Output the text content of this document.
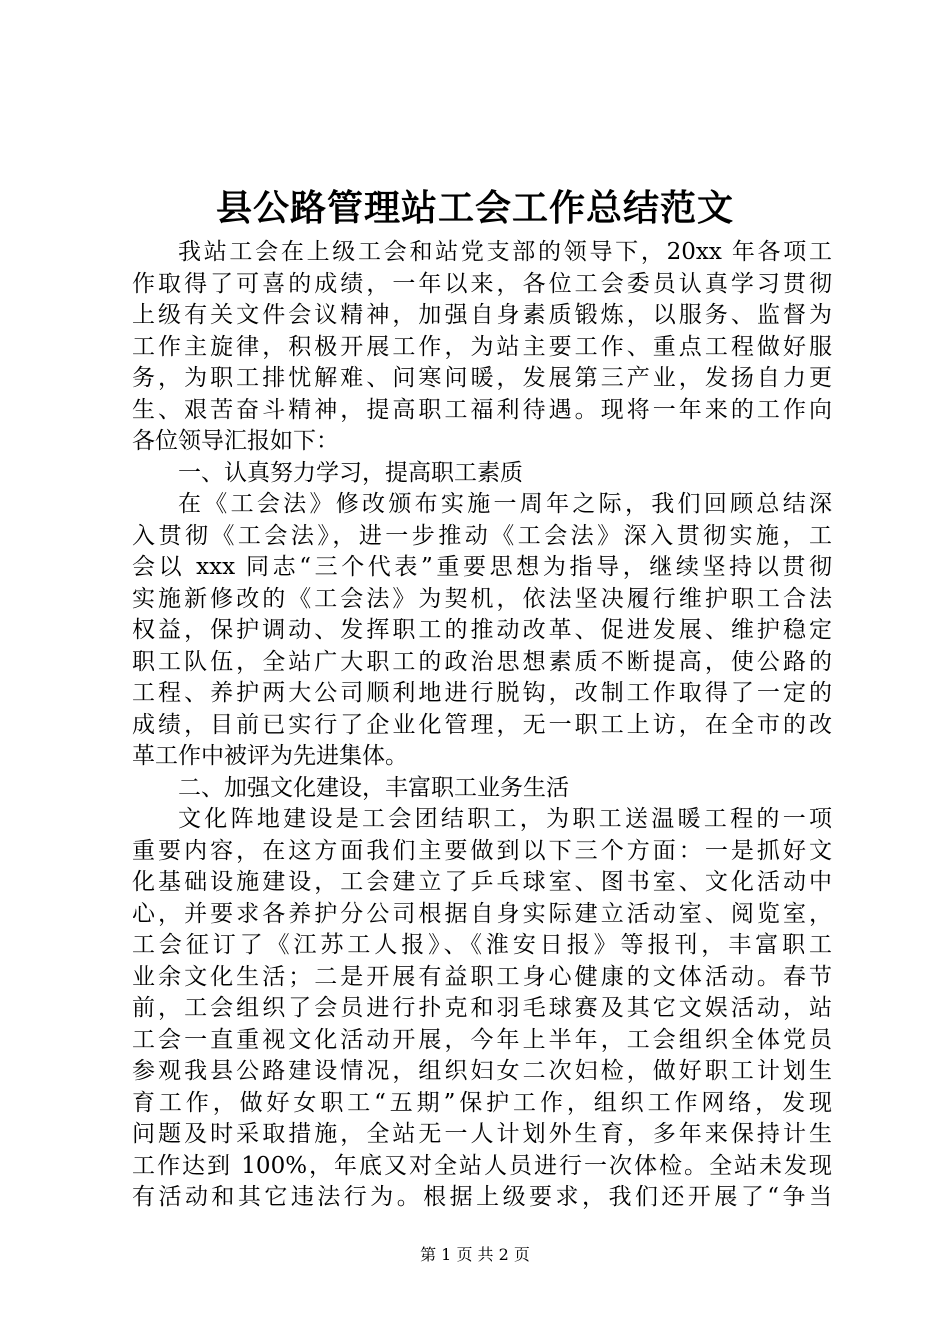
县公路管理站工会工作总结范文
我站工会在上级工会和站党支部的领导下，20xx 年各项工
作取得了可喜的成绩，一年以来，各位工会委员认真学习贯彻
上级有关文件会议精神，加强自身素质锻炼，以服务、监督为
工作主旋律，积极开展工作，为站主要工作、重点工程做好服
务，为职工排忧解难、问寒问暖，发展第三产业，发扬自力更
生、艰苦奋斗精神，提高职工福利待遇。现将一年来的工作向
各位领导汇报如下：
一、认真努力学习，提高职工素质
在《工会法》修改颁布实施一周年之际，我们回顾总结深
入贯彻《工会法》，进一步推动《工会法》深入贯彻实施，工
会以 xxx 同志“三个代表”重要思想为指导，继续坚持以贯彻
实施新修改的《工会法》为契机，依法坚决履行维护职工合法
权益，保护调动、发挥职工的推动改革、促进发展、维护稳定
职工队伍，全站广大职工的政治思想素质不断提高，使公路的
工程、养护两大公司顺利地进行脱钩，改制工作取得了一定的
成绩，目前已实行了企业化管理，无一职工上访，在全市的改
革工作中被评为先进集体。
二、加强文化建设，丰富职工业务生活
文化阵地建设是工会团结职工，为职工送温暖工程的一项
重要内容，在这方面我们主要做到以下三个方面：一是抓好文
化基础设施建设，工会建立了乒乓球室、图书室、文化活动中
心，并要求各养护分公司根据自身实际建立活动室、阅览室，
工会征订了《江苏工人报》、《淮安日报》等报刊，丰富职工
业余文化生活；二是开展有益职工身心健康的文体活动。春节
前，工会组织了会员进行扑克和羽毛球赛及其它文娱活动，站
工会一直重视文化活动开展，今年上半年，工会组织全体党员
参观我县公路建设情况，组织妇女二次妇检，做好职工计划生
育工作，做好女职工“五期”保护工作，组织工作网络，发现
问题及时采取措施，全站无一人计划外生育，多年来保持计生
工作达到 100%，年底又对全站人员进行一次体检。全站未发现
有活动和其它违法行为。根据上级要求，我们还开展了“争当
第 1 页 共 2 页
